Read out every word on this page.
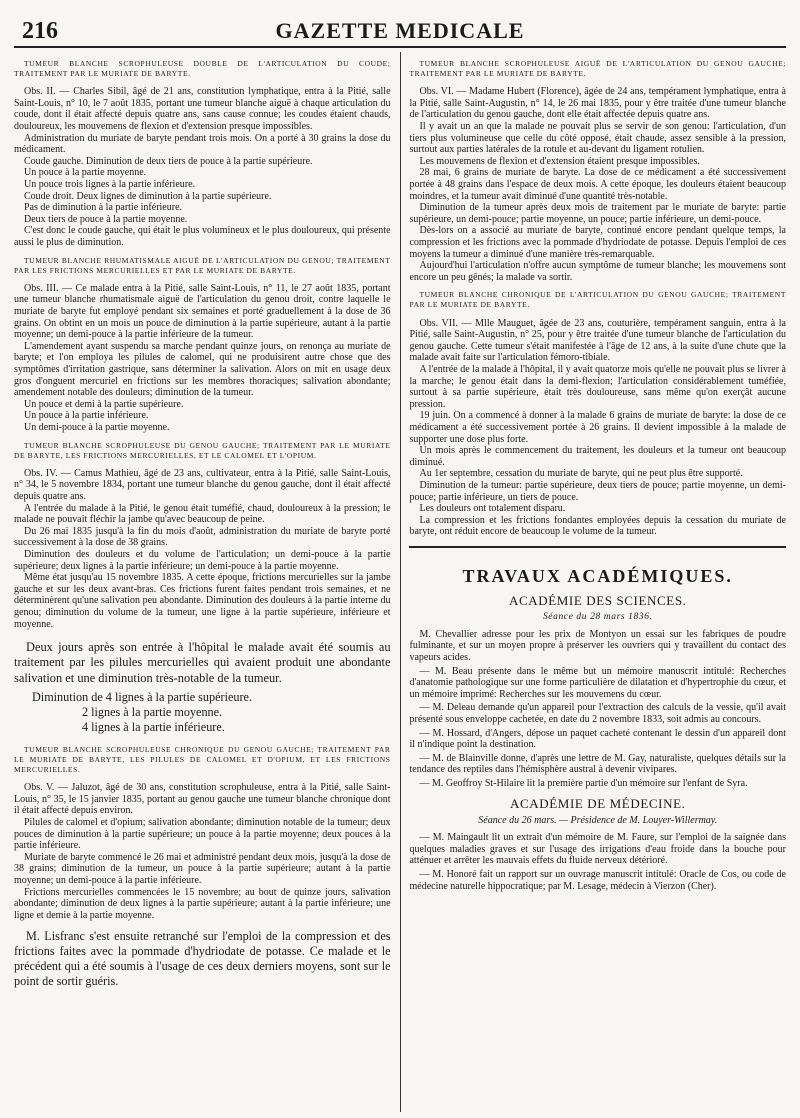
216	GAZETTE MEDICALE
TUMEUR BLANCHE SCROPHULEUSE DOUBLE DE L'ARTICULATION DU COUDE; TRAITEMENT PAR LE MURIATE DE BARYTE.

Obs. II. — Charles Sibil, âgé de 21 ans, constitution lymphatique, entra à la Pitié, salle Saint-Louis, n° 10, le 7 août 1835, portant une tumeur blanche aiguë à chaque articulation du coude, dont il était affecté depuis quatre ans, sans cause connue; les coudes étaient chauds, douloureux, les mouvemens de flexion et d'extension presque impossibles.

Administration du muriate de baryte pendant trois mois. On a porté à 30 grains la dose du médicament.

Coude gauche. Diminution de deux tiers de pouce à la partie supérieure.

Un pouce à la partie moyenne.

Un pouce trois lignes à la partie inférieure.

Coude droit. Deux lignes de diminution à la partie supérieure.

Pas de diminution à la partie inférieure.

Deux tiers de pouce à la partie moyenne.

C'est donc le coude gauche, qui était le plus volumineux et le plus douloureux, qui présente aussi le plus de diminution.

TUMEUR BLANCHE RHUMATISMALE AIGUË DE L'ARTICULATION DU GENOU; TRAITEMENT PAR LES FRICTIONS MERCURIELLES ET PAR LE MURIATE DE BARYTE.

Obs. III. — Ce malade entra à la Pitié, salle Saint-Louis, n° 11, le 27 août 1835, portant une tumeur blanche rhumatismale aiguë de l'articulation du genou droit, contre laquelle le muriate de baryte fut employé pendant six semaines et porté graduellement à la dose de 36 grains. On obtint en un mois un pouce de diminution à la partie supérieure, autant à la partie moyenne; un demi-pouce à la partie inférieure de la tumeur.

L'amendement ayant suspendu sa marche pendant quinze jours, on renonça au muriate de baryte; et l'on employa les pilules de calomel, qui ne produisirent autre chose que des symptômes d'irritation gastrique, sans déterminer la salivation. Alors on mit en usage deux gros d'onguent mercuriel en frictions sur les membres thoraciques; salivation abondante; amendement notable des douleurs; diminution de la tumeur.

Un pouce et demi à la partie supérieure.

Un pouce à la partie inférieure.

Un demi-pouce à la partie moyenne.

TUMEUR BLANCHE SCROPHULEUSE DU GENOU GAUCHE; TRAITEMENT PAR LE MURIATE DE BARYTE, LES FRICTIONS MERCURIELLES, ET LE CALOMEL ET L'OPIUM.

Obs. IV. — Camus Mathieu, âgé de 23 ans, cultivateur, entra à la Pitié, salle Saint-Louis, n° 34, le 5 novembre 1834, portant une tumeur blanche du genou gauche, dont il était affecté depuis quatre ans.

A l'entrée du malade à la Pitié, le genou était tuméfié, chaud, douloureux à la pression; le malade ne pouvait fléchir la jambe qu'avec beaucoup de peine.

Du 26 mai 1835 jusqu'à la fin du mois d'août, administration du muriate de baryte porté successivement à la dose de 38 grains.

Diminution des douleurs et du volume de l'articulation; un demi-pouce à la partie supérieure; deux lignes à la partie inférieure; un demi-pouce à la partie moyenne.

Même état jusqu'au 15 novembre 1835. A cette époque, frictions mercurielles sur la jambe gauche et sur les deux avant-bras. Ces frictions furent faites pendant trois semaines, et ne déterminèrent qu'une salivation peu abondante. Diminution des douleurs à la partie interne du genou; diminution du volume de la tumeur, une ligne à la partie supérieure, inférieure et moyenne.

Deux jours après son entrée à l'hôpital le malade avait été soumis au traitement par les pilules mercurielles qui avaient produit une abondante salivation et une diminution très-notable de la tumeur.

Diminution de 4 lignes à la partie supérieure.
2 lignes à la partie moyenne.
4 lignes à la partie inférieure.
TUMEUR BLANCHE SCROPHULEUSE CHRONIQUE DU GENOU GAUCHE; TRAITEMENT PAR LE MURIATE DE BARYTE, LES PILULES DE CALOMEL ET D'OPIUM, ET LES FRICTIONS MERCURIELLES.

Obs. V. — Jaluzot, âgé de 30 ans, constitution scrophuleuse, entra à la Pitié, salle Saint-Louis, n° 35, le 15 janvier 1835, portant au genou gauche une tumeur blanche chronique dont il était affecté depuis environ.

Pilules de calomel et d'opium; salivation abondante; diminution notable de la tumeur; deux pouces de diminution à la partie supérieure; un pouce à la partie moyenne; deux pouces à la partie inférieure.

Muriate de baryte commencé le 26 mai et administré pendant deux mois, jusqu'à la dose de 38 grains; diminution de la tumeur, un pouce à la partie supérieure; autant à la partie moyenne; un demi-pouce à la partie inférieure.

Frictions mercurielles commencées le 15 novembre; au bout de quinze jours, salivation abondante; diminution de deux lignes à la partie supérieure; autant à la partie inférieure; une ligne et demie à la partie moyenne.

M. Lisfranc s'est ensuite retranché sur l'emploi de la compression et des frictions faites avec la pommade d'hydriodate de potasse. Ce malade et le précédent qui a été soumis à l'usage de ces deux derniers moyens, sont sur le point de sortir guéris.

TUMEUR BLANCHE SCROPHULEUSE AIGUË DE L'ARTICULATION DU GENOU GAUCHE; TRAITEMENT PAR LE MURIATE DE BARYTE.

Obs. VI. — Madame Hubert (Florence), âgée de 24 ans, tempérament lymphatique, entra à la Pitié, salle Saint-Augustin, n° 14, le 26 mai 1835, pour y être traitée d'une tumeur blanche de l'articulation du genou gauche, dont elle était affectée depuis quatre ans.

Il y avait un an que la malade ne pouvait plus se servir de son genou: l'articulation, d'un tiers plus volumineuse que celle du côté opposé, était chaude, assez sensible à la pression, surtout aux parties latérales de la rotule et au-devant du ligament rotulien.

Les mouvemens de flexion et d'extension étaient presque impossibles.

28 mai, 6 grains de muriate de baryte. La dose de ce médicament a été successivement portée à 48 grains dans l'espace de deux mois. A cette époque, les douleurs étaient beaucoup moindres, et la tumeur avait diminué d'une quantité très-notable.

Diminution de la tumeur après deux mois de traitement par le muriate de baryte: partie supérieure, un demi-pouce; partie moyenne, un pouce; partie inférieure, un demi-pouce.

Dès-lors on a associé au muriate de baryte, continué encore pendant quelque temps, la compression et les frictions avec la pommade d'hydriodate de potasse. Depuis l'emploi de ces moyens la tumeur a diminué d'une manière très-remarquable.

Aujourd'hui l'articulation n'offre aucun symptôme de tumeur blanche; les mouvemens sont encore un peu gênés; la malade va sortir.

TUMEUR BLANCHE CHRONIQUE DE L'ARTICULATION DU GENOU GAUCHE; TRAITEMENT PAR LE MURIATE DE BARYTE.

Obs. VII. — Mlle Mauguet, âgée de 23 ans, couturière, tempérament sanguin, entra à la Pitié, salle Saint-Augustin, n° 25, pour y être traitée d'une tumeur blanche de l'articulation du genou gauche. Cette tumeur s'était manifestée à l'âge de 12 ans, à la suite d'une chute que la malade avait faite sur l'articulation fémoro-tibiale.

A l'entrée de la malade à l'hôpital, il y avait quatorze mois qu'elle ne pouvait plus se livrer à la marche; le genou était dans la demi-flexion; l'articulation considérablement tuméfiée, surtout à sa partie supérieure, était très douloureuse, sans même qu'on exerçât aucune pression.

19 juin. On a commencé à donner à la malade 6 grains de muriate de baryte: la dose de ce médicament a été successivement portée à 26 grains. Il devient impossible à la malade de supporter une dose plus forte.

Un mois après le commencement du traitement, les douleurs et la tumeur ont beaucoup diminué.

Au 1er septembre, cessation du muriate de baryte, qui ne peut plus être supporté.

Diminution de la tumeur: partie supérieure, deux tiers de pouce; partie moyenne, un demi-pouce; partie inférieure, un tiers de pouce.

Les douleurs ont totalement disparu.

La compression et les frictions fondantes employées depuis la cessation du muriate de baryte, ont réduit encore de beaucoup le volume de la tumeur.

TRAVAUX ACADÉMIQUES.
ACADÉMIE DES SCIENCES.
Séance du 28 mars 1836.

M. Chevallier adresse pour les prix de Montyon un essai sur les fabriques de poudre fulminante, et sur un moyen propre à préserver les ouvriers qui y travaillent du contact des vapeurs acides.

— M. Beau présente dans le même but un mémoire manuscrit intitulé: Recherches d'anatomie pathologique sur une forme particulière de dilatation et d'hypertrophie du cœur, et un mémoire imprimé: Recherches sur les mouvemens du cœur.

— M. Deleau demande qu'un appareil pour l'extraction des calculs de la vessie, qu'il avait présenté sous enveloppe cachetée, en date du 2 novembre 1833, soit admis au concours.

— M. Hossard, d'Angers, dépose un paquet cacheté contenant le dessin d'un appareil dont il n'indique point la destination.

— M. de Blainville donne, d'après une lettre de M. Gay, naturaliste, quelques détails sur la tendance des reptiles dans l'hémisphère austral à devenir vivipares.

— M. Geoffroy St-Hilaire lit la première partie d'un mémoire sur l'enfant de Syra.

ACADÉMIE DE MÉDECINE.
Séance du 26 mars. — Présidence de M. Louyer-Willermay.

— M. Maingault lit un extrait d'un mémoire de M. Faure, sur l'emploi de la saignée dans quelques maladies graves et sur l'usage des irrigations d'eau froide dans la bouche pour atténuer et arrêter les mauvais effets du fluide nerveux détérioré.

— M. Honoré fait un rapport sur un ouvrage manuscrit intitulé: Oracle de Cos, ou code de médecine naturelle hippocratique; par M. Lesage, médecin à Vierzon (Cher).
